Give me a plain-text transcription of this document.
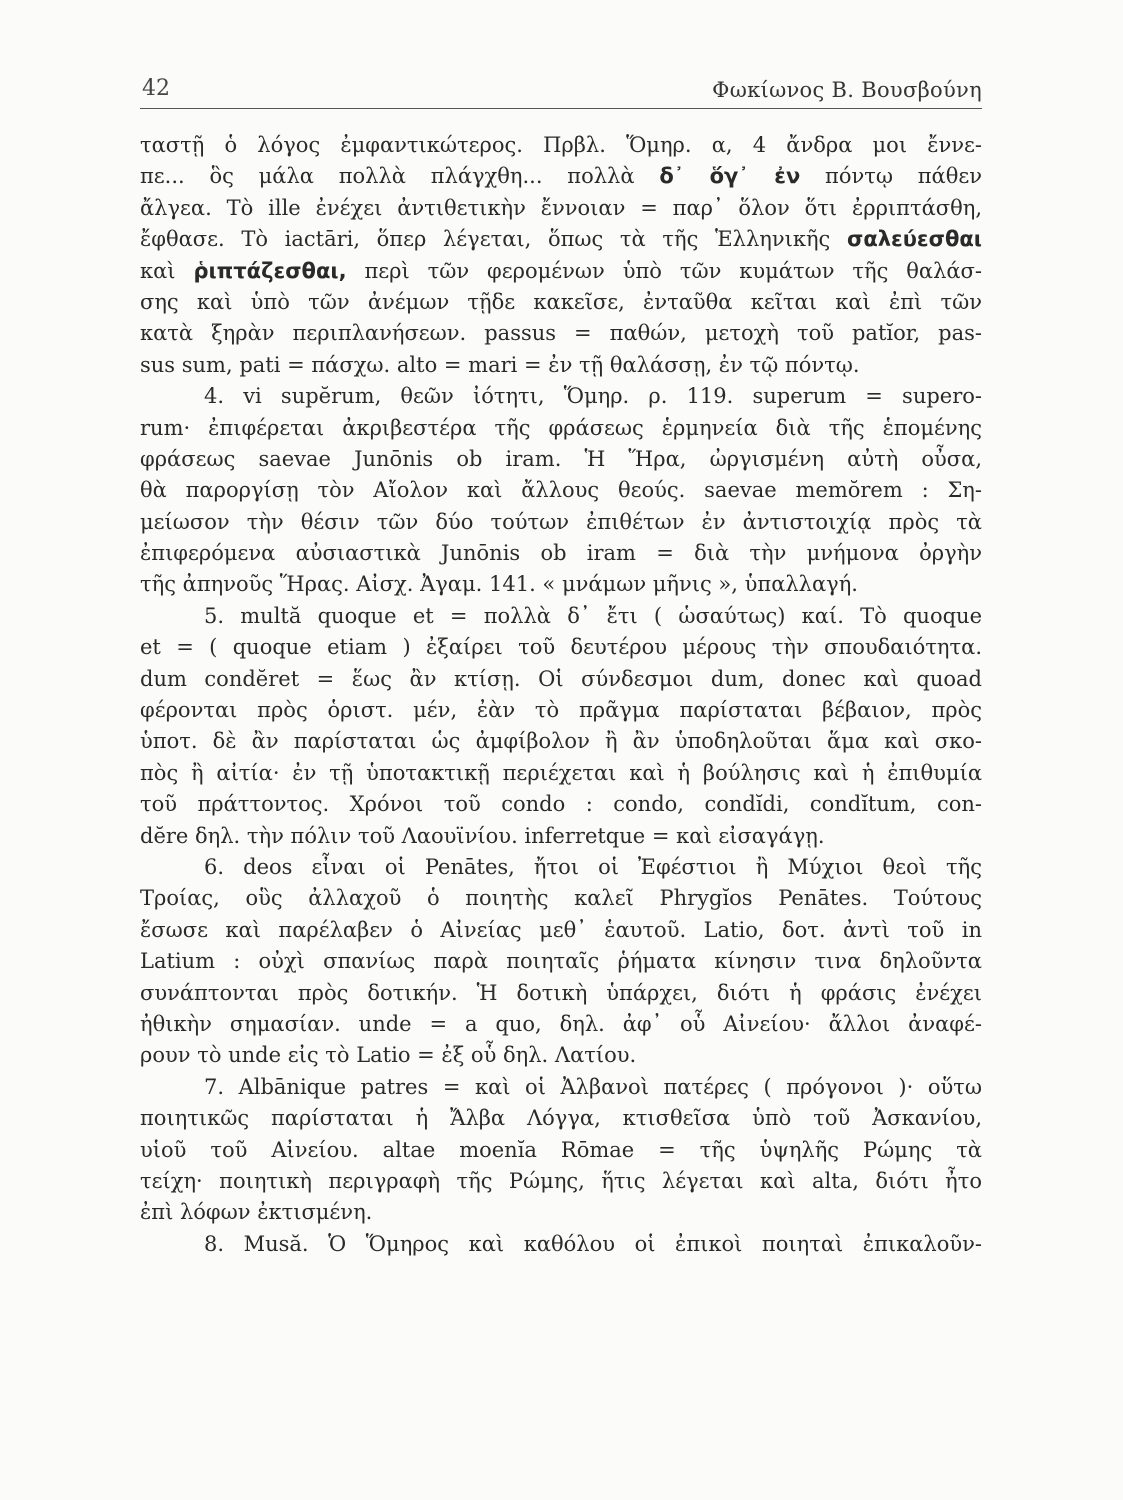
42	Φωκίωνος Β. Βουσβούνη
ταστῇ ὁ λόγος ἐμφαντικώτερος. Πρβλ. Ὅμηρ. α, 4 ἄνδρα μοι ἔννε-
πε... ὃς μάλα πολλὰ πλάγχθη... πολλὰ δ᾽ ὅγ᾽ ἐν πόντῳ πάθεν
ἄλγεα. Τὸ ille ἐνέχει ἀντιθετικὴν ἔννοιαν = παρ᾽ ὅλον ὅτι ἐρριπτάσθη,
ἔφθασε. Τὸ iactāri, ὅπερ λέγεται, ὅπως τὰ τῆς Ἑλληνικῆς σαλεύεσθαι
καὶ ῥιπτάζεσθαι, περὶ τῶν φερομένων ὑπὸ τῶν κυμάτων τῆς θαλάσ-
σης καὶ ὑπὸ τῶν ἀνέμων τῇδε κακεῖσε, ἐνταῦθα κεῖται καὶ ἐπὶ τῶν
κατὰ ξηρὰν περιπλανήσεων. passus = παθών, μετοχὴ τοῦ patĭor, pas-
sus sum, pati = πάσχω. alto = mari = ἐν τῇ θαλάσσῃ, ἐν τῷ πόντῳ.
4. vi supĕrum, θεῶν ἰότητι, Ὅμηρ. ρ. 119. superum = supero-
rum· ἐπιφέρεται ἀκριβεστέρα τῆς φράσεως ἑρμηνεία διὰ τῆς ἑπομένης
φράσεως saevae Junōnis ob iram. Ἡ Ἥρα, ὠργισμένη αὐτὴ οὖσα,
θὰ παροργίσῃ τὸν Αἴολον καὶ ἄλλους θεούς. saevae memŏrem : Ση-
μείωσον τὴν θέσιν τῶν δύο τούτων ἐπιθέτων ἐν ἀντιστοιχίᾳ πρὸς τὰ
ἐπιφερόμενα αὐσιαστικὰ Junōnis ob iram = διὰ τὴν μνήμονα ὀργὴν
τῆς ἀπηνοῦς Ἥρας. Αἰσχ. Ἀγαμ. 141. « μνάμων μῆνις », ὑπαλλαγή.
5. multă quoque et = πολλὰ δ᾽ ἔτι ( ὡσαύτως) καί. Τὸ quoque
et = ( quoque etiam ) ἐξαίρει τοῦ δευτέρου μέρους τὴν σπουδαιότητα.
dum condĕret = ἕως ἂν κτίσῃ. Οἱ σύνδεσμοι dum, donec καὶ quoad
φέρονται πρὸς ὁριστ. μέν, ἐὰν τὸ πρᾶγμα παρίσταται βέβαιον, πρὸς
ὑποτ. δὲ ἂν παρίσταται ὡς ἀμφίβολον ἢ ἂν ὑποδηλοῦται ἅμα καὶ σκο-
πὸς ἢ αἰτία· ἐν τῇ ὑποτακτικῇ περιέχεται καὶ ἡ βούλησις καὶ ἡ ἐπιθυμία
τοῦ πράττοντος. Χρόνοι τοῦ condo : condo, condĭdi, condĭtum, con-
dĕre δηλ. τὴν πόλιν τοῦ Λαουϊνίου. inferretque = καὶ εἰσαγάγῃ.
6. deos εἶναι οἱ Penātes, ἤτοι οἱ Ἐφέστιοι ἢ Μύχιοι θεοὶ τῆς
Τροίας, οὓς ἀλλαχοῦ ὁ ποιητὴς καλεῖ Phrygĭos Penātes. Τούτους
ἔσωσε καὶ παρέλαβεν ὁ Αἰνείας μεθ᾽ ἑαυτοῦ. Latio, δοτ. ἀντὶ τοῦ in
Latium : οὐχὶ σπανίως παρὰ ποιηταῖς ῥήματα κίνησιν τινα δηλοῦντα
συνάπτονται πρὸς δοτικήν. Ἡ δοτικὴ ὑπάρχει, διότι ἡ φράσις ἐνέχει
ἠθικὴν σημασίαν. unde = a quo, δηλ. ἀφ᾽ οὗ Αἰνείου· ἄλλοι ἀναφέ-
ρουν τὸ unde εἰς τὸ Latio = ἐξ οὗ δηλ. Λατίου.
7. Albānique patres = καὶ οἱ Ἀλβανοὶ πατέρες ( πρόγονοι )· οὕτω
ποιητικῶς παρίσταται ἡ Ἄλβα Λόγγα, κτισθεῖσα ὑπὸ τοῦ Ἀσκανίου,
υἱοῦ τοῦ Αἰνείου. altae moenĭa Rōmae = τῆς ὑψηλῆς Ρώμης τὰ
τείχη· ποιητικὴ περιγραφὴ τῆς Ρώμης, ἥτις λέγεται καὶ alta, διότι ἦτο
ἐπὶ λόφων ἐκτισμένη.
8. Musă. Ὁ Ὅμηρος καὶ καθόλου οἱ ἐπικοὶ ποιηταὶ ἐπικαλοῦν-
